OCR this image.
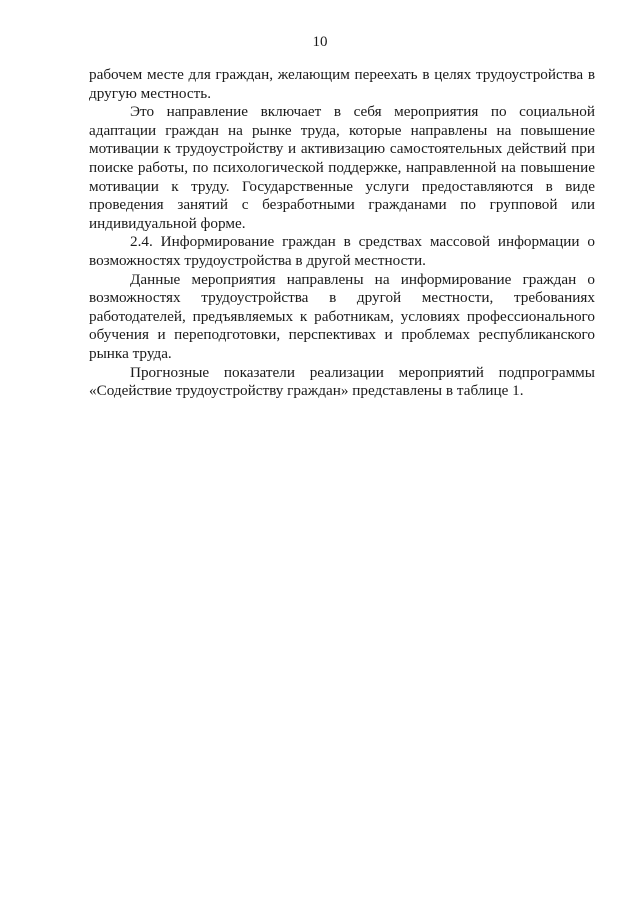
10

рабочем месте для граждан, желающим переехать в целях трудоустройства в другую местность.

Это направление включает в себя мероприятия по социальной адаптации граждан на рынке труда, которые направлены на повышение мотивации к трудоустройству и активизацию самостоятельных действий при поиске работы, по психологической поддержке, направленной на повышение мотивации к труду. Государственные услуги предоставляются в виде проведения занятий с безработными гражданами по групповой или индивидуальной форме.

2.4. Информирование граждан в средствах массовой информации о возможностях трудоустройства в другой местности.

Данные мероприятия направлены на информирование граждан о возможностях трудоустройства в другой местности, требованиях работодателей, предъявляемых к работникам, условиях профессионального обучения и переподготовки, перспективах и проблемах республиканского рынка труда.

Прогнозные показатели реализации мероприятий подпрограммы «Содействие трудоустройству граждан» представлены в таблице 1.
